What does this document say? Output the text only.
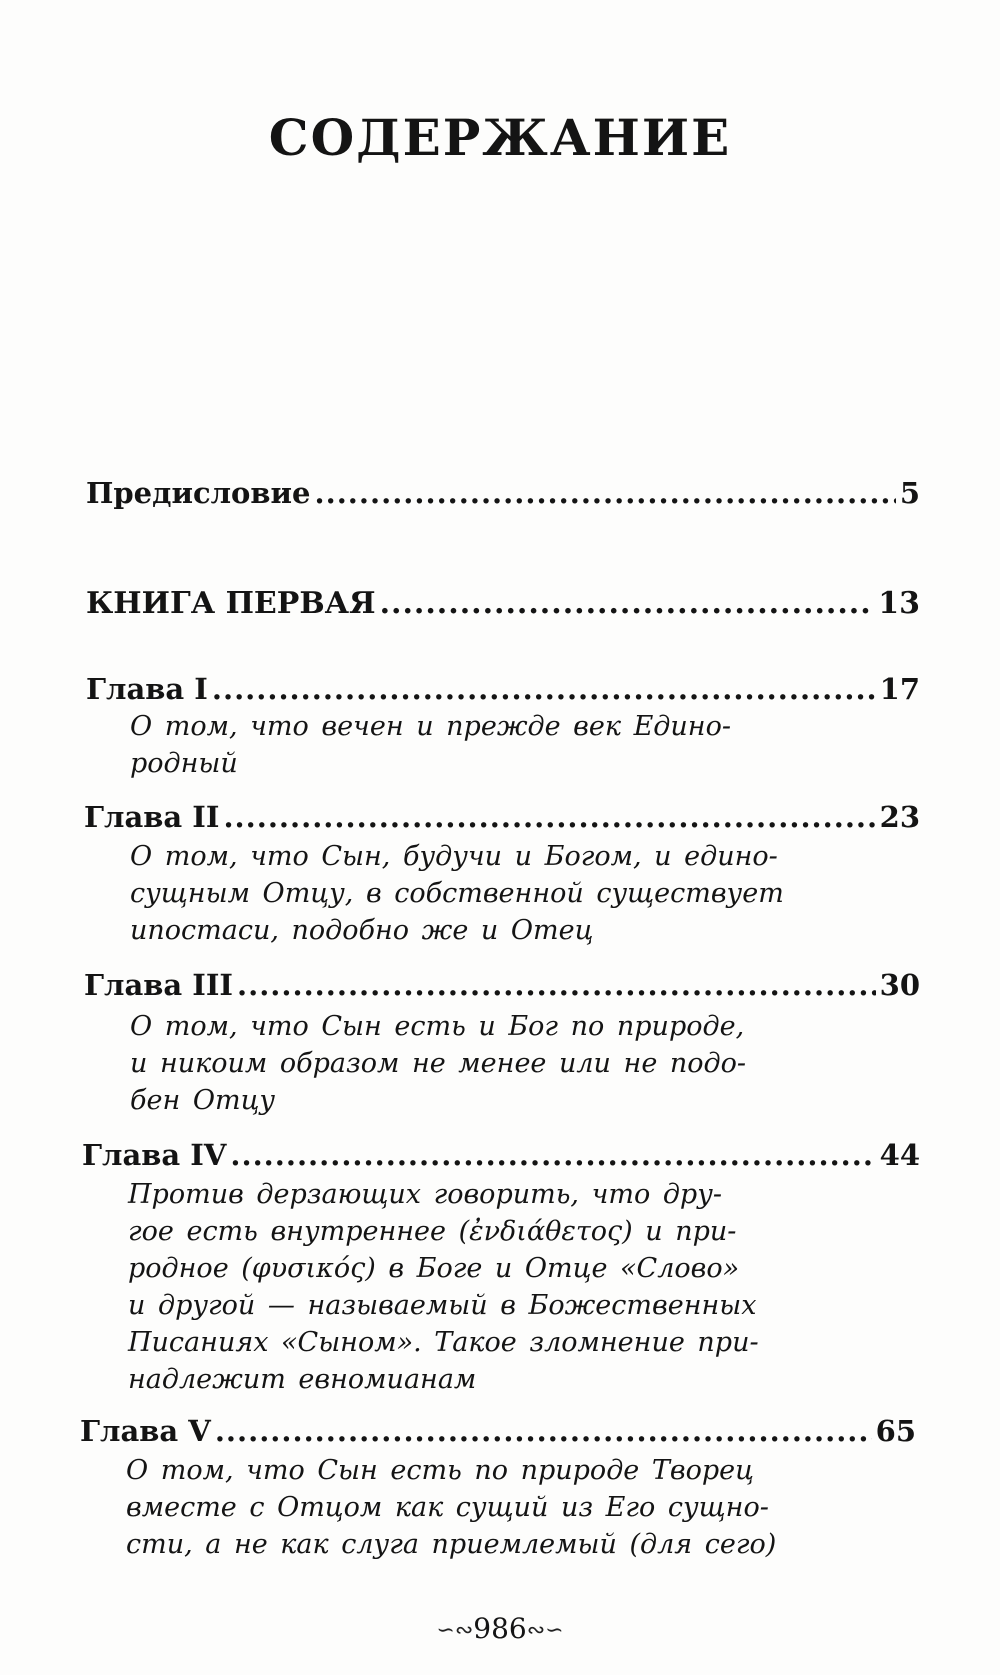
СОДЕРЖАНИЕ
Предисловие .....	5
КНИГА ПЕРВАЯ .....	13
Глава I .....	17
О том, что вечен и прежде век Едино-
родный
Глава II .....	23
О том, что Сын, будучи и Богом, и едино-
сущным Отцу, в собственной существует
ипостаси, подобно же и Отец
Глава III .....	30
О том, что Сын есть и Бог по природе,
и никоим образом не менее или не подо-
бен Отцу
Глава IV .....	44
Против дерзающих говорить, что дру-
гое есть внутреннее (ἐνδιάθετος) и при-
родное (φυσικός) в Боге и Отце «Слово»
и другой — называемый в Божественных
Писаниях «Сыном». Такое зломнение при-
надлежит евномианам
Глава V .....	65
О том, что Сын есть по природе Творец
вместе с Отцом как сущий из Его сущно-
сти, а не как слуга приемлемый (для сего)
∽∾986∾∽
